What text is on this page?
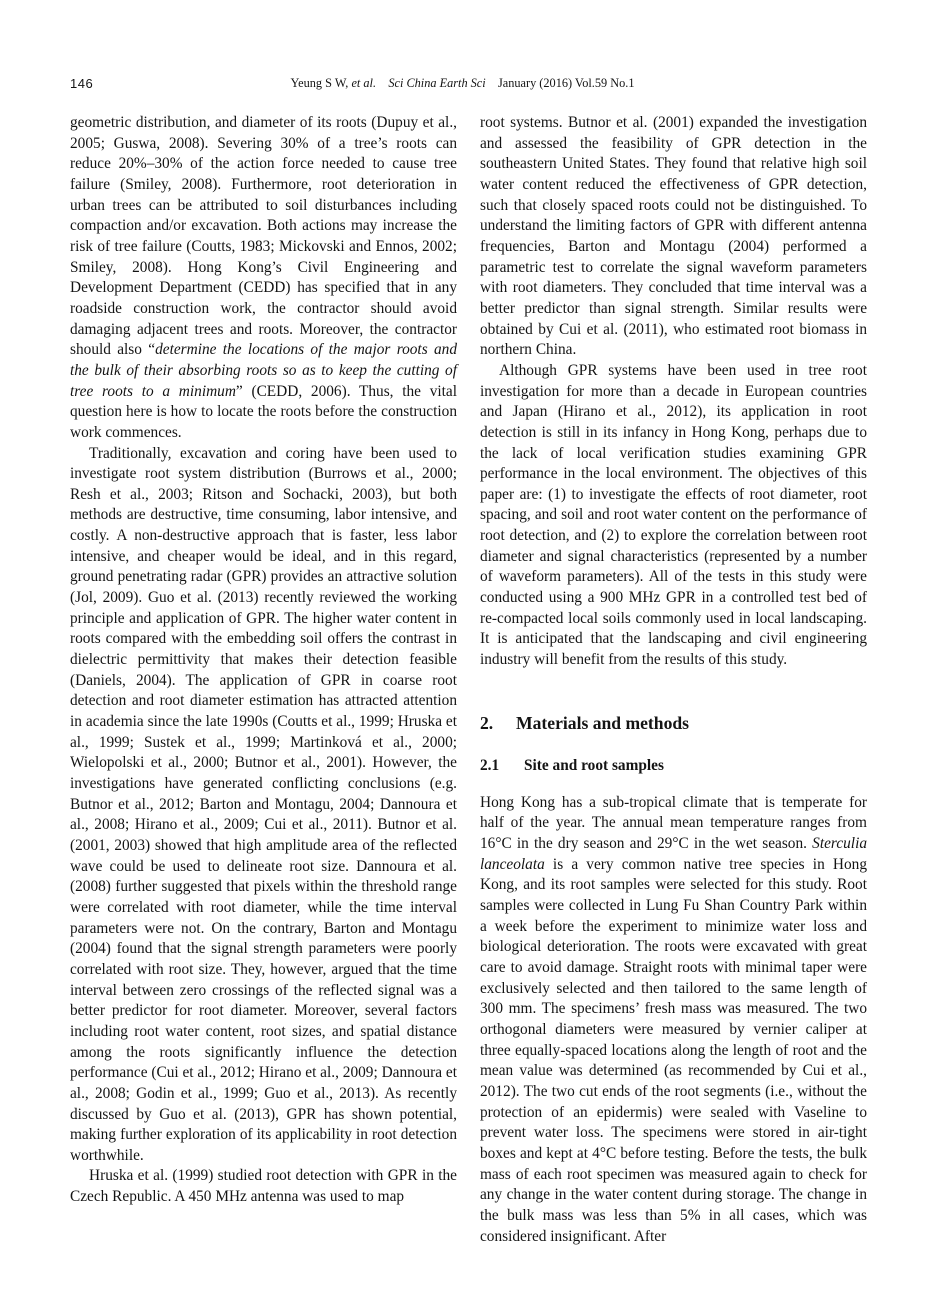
146	Yeung S W, et al. Sci China Earth Sci January (2016) Vol.59 No.1

geometric distribution, and diameter of its roots (Dupuy et al., 2005; Guswa, 2008). Severing 30% of a tree’s roots can reduce 20%–30% of the action force needed to cause tree failure (Smiley, 2008). Furthermore, root deterioration in urban trees can be attributed to soil disturbances including compaction and/or excavation. Both actions may increase the risk of tree failure (Coutts, 1983; Mickovski and Ennos, 2002; Smiley, 2008). Hong Kong’s Civil Engineering and Development Department (CEDD) has specified that in any roadside construction work, the contractor should avoid damaging adjacent trees and roots. Moreover, the contractor should also “determine the locations of the major roots and the bulk of their absorbing roots so as to keep the cutting of tree roots to a minimum” (CEDD, 2006). Thus, the vital question here is how to locate the roots before the construction work commences.

Traditionally, excavation and coring have been used to investigate root system distribution (Burrows et al., 2000; Resh et al., 2003; Ritson and Sochacki, 2003), but both methods are destructive, time consuming, labor intensive, and costly. A non-destructive approach that is faster, less labor intensive, and cheaper would be ideal, and in this regard, ground penetrating radar (GPR) provides an attractive solution (Jol, 2009). Guo et al. (2013) recently reviewed the working principle and application of GPR. The higher water content in roots compared with the embedding soil offers the contrast in dielectric permittivity that makes their detection feasible (Daniels, 2004). The application of GPR in coarse root detection and root diameter estimation has attracted attention in academia since the late 1990s (Coutts et al., 1999; Hruska et al., 1999; Sustek et al., 1999; Martinková et al., 2000; Wielopolski et al., 2000; Butnor et al., 2001). However, the investigations have generated conflicting conclusions (e.g. Butnor et al., 2012; Barton and Montagu, 2004; Dannoura et al., 2008; Hirano et al., 2009; Cui et al., 2011). Butnor et al. (2001, 2003) showed that high amplitude area of the reflected wave could be used to delineate root size. Dannoura et al. (2008) further suggested that pixels within the threshold range were correlated with root diameter, while the time interval parameters were not. On the contrary, Barton and Montagu (2004) found that the signal strength parameters were poorly correlated with root size. They, however, argued that the time interval between zero crossings of the reflected signal was a better predictor for root diameter. Moreover, several factors including root water content, root sizes, and spatial distance among the roots significantly influence the detection performance (Cui et al., 2012; Hirano et al., 2009; Dannoura et al., 2008; Godin et al., 1999; Guo et al., 2013). As recently discussed by Guo et al. (2013), GPR has shown potential, making further exploration of its applicability in root detection worthwhile.

Hruska et al. (1999) studied root detection with GPR in the Czech Republic. A 450 MHz antenna was used to map

root systems. Butnor et al. (2001) expanded the investigation and assessed the feasibility of GPR detection in the southeastern United States. They found that relative high soil water content reduced the effectiveness of GPR detection, such that closely spaced roots could not be distinguished. To understand the limiting factors of GPR with different antenna frequencies, Barton and Montagu (2004) performed a parametric test to correlate the signal waveform parameters with root diameters. They concluded that time interval was a better predictor than signal strength. Similar results were obtained by Cui et al. (2011), who estimated root biomass in northern China.

Although GPR systems have been used in tree root investigation for more than a decade in European countries and Japan (Hirano et al., 2012), its application in root detection is still in its infancy in Hong Kong, perhaps due to the lack of local verification studies examining GPR performance in the local environment. The objectives of this paper are: (1) to investigate the effects of root diameter, root spacing, and soil and root water content on the performance of root detection, and (2) to explore the correlation between root diameter and signal characteristics (represented by a number of waveform parameters). All of the tests in this study were conducted using a 900 MHz GPR in a controlled test bed of re-compacted local soils commonly used in local landscaping. It is anticipated that the landscaping and civil engineering industry will benefit from the results of this study.

2. Materials and methods
2.1 Site and root samples

Hong Kong has a sub-tropical climate that is temperate for half of the year. The annual mean temperature ranges from 16°C in the dry season and 29°C in the wet season. Sterculia lanceolata is a very common native tree species in Hong Kong, and its root samples were selected for this study. Root samples were collected in Lung Fu Shan Country Park within a week before the experiment to minimize water loss and biological deterioration. The roots were excavated with great care to avoid damage. Straight roots with minimal taper were exclusively selected and then tailored to the same length of 300 mm. The specimens’ fresh mass was measured. The two orthogonal diameters were measured by vernier caliper at three equally-spaced locations along the length of root and the mean value was determined (as recommended by Cui et al., 2012). The two cut ends of the root segments (i.e., without the protection of an epidermis) were sealed with Vaseline to prevent water loss. The specimens were stored in air-tight boxes and kept at 4°C before testing. Before the tests, the bulk mass of each root specimen was measured again to check for any change in the water content during storage. The change in the bulk mass was less than 5% in all cases, which was considered insignificant. After
